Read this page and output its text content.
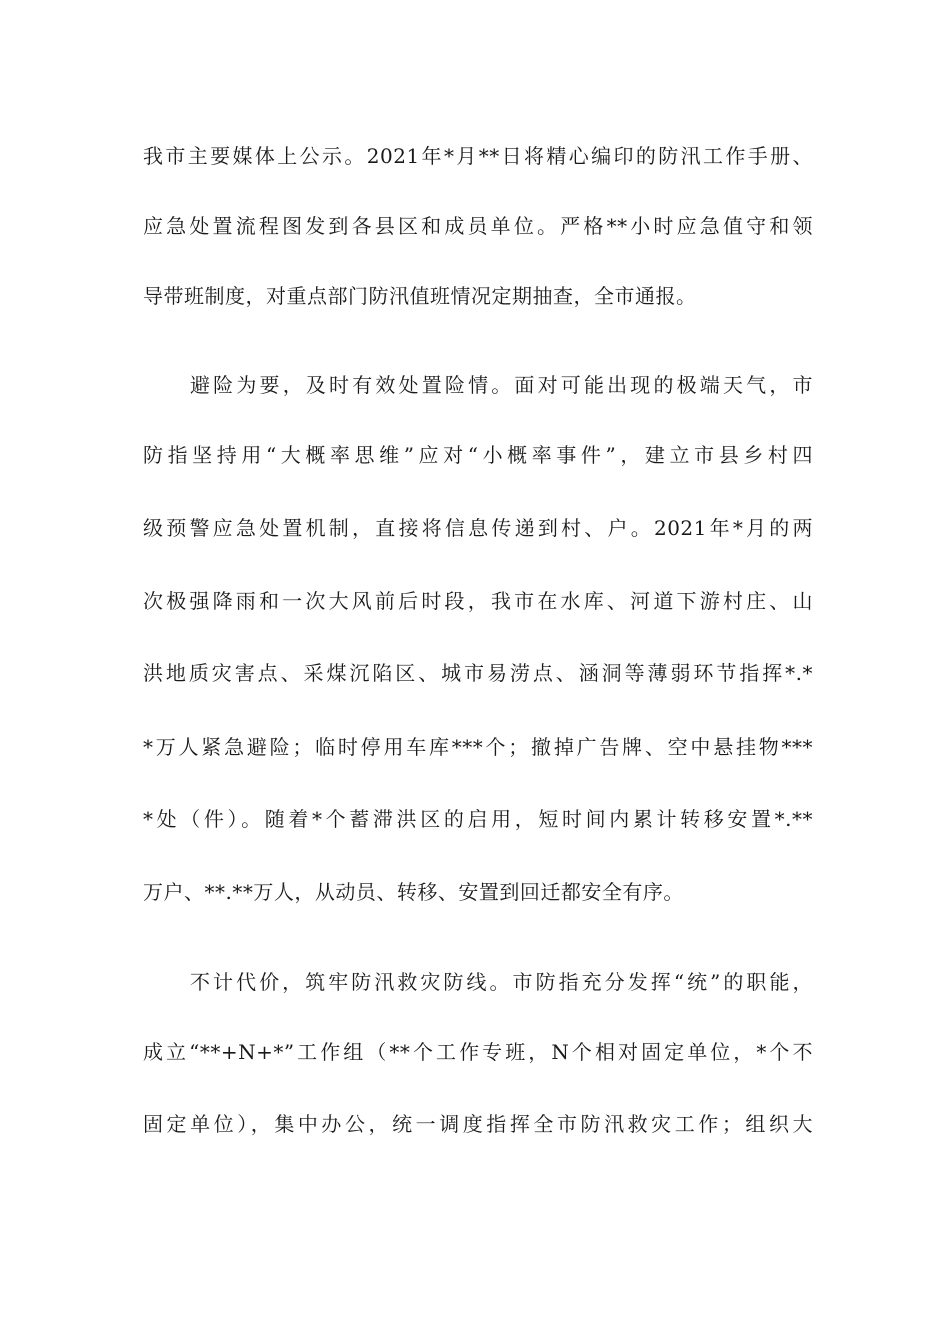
我市主要媒体上公示。2021年*月**日将精心编印的防汛工作手册、
应急处置流程图发到各县区和成员单位。严格**小时应急值守和领
导带班制度，对重点部门防汛值班情况定期抽查，全市通报。
避险为要，及时有效处置险情。面对可能出现的极端天气，市
防指坚持用“大概率思维”应对“小概率事件”，建立市县乡村四
级预警应急处置机制，直接将信息传递到村、户。2021年*月的两
次极强降雨和一次大风前后时段，我市在水库、河道下游村庄、山
洪地质灾害点、采煤沉陷区、城市易涝点、涵洞等薄弱环节指挥*.*
*万人紧急避险；临时停用车库***个；撤掉广告牌、空中悬挂物***
*处（件）。随着*个蓄滞洪区的启用，短时间内累计转移安置*.**
万户、**.**万人，从动员、转移、安置到回迁都安全有序。
不计代价，筑牢防汛救灾防线。市防指充分发挥“统”的职能，
成立“**+N+*”工作组（**个工作专班，N个相对固定单位，*个不
固定单位），集中办公，统一调度指挥全市防汛救灾工作；组织大
